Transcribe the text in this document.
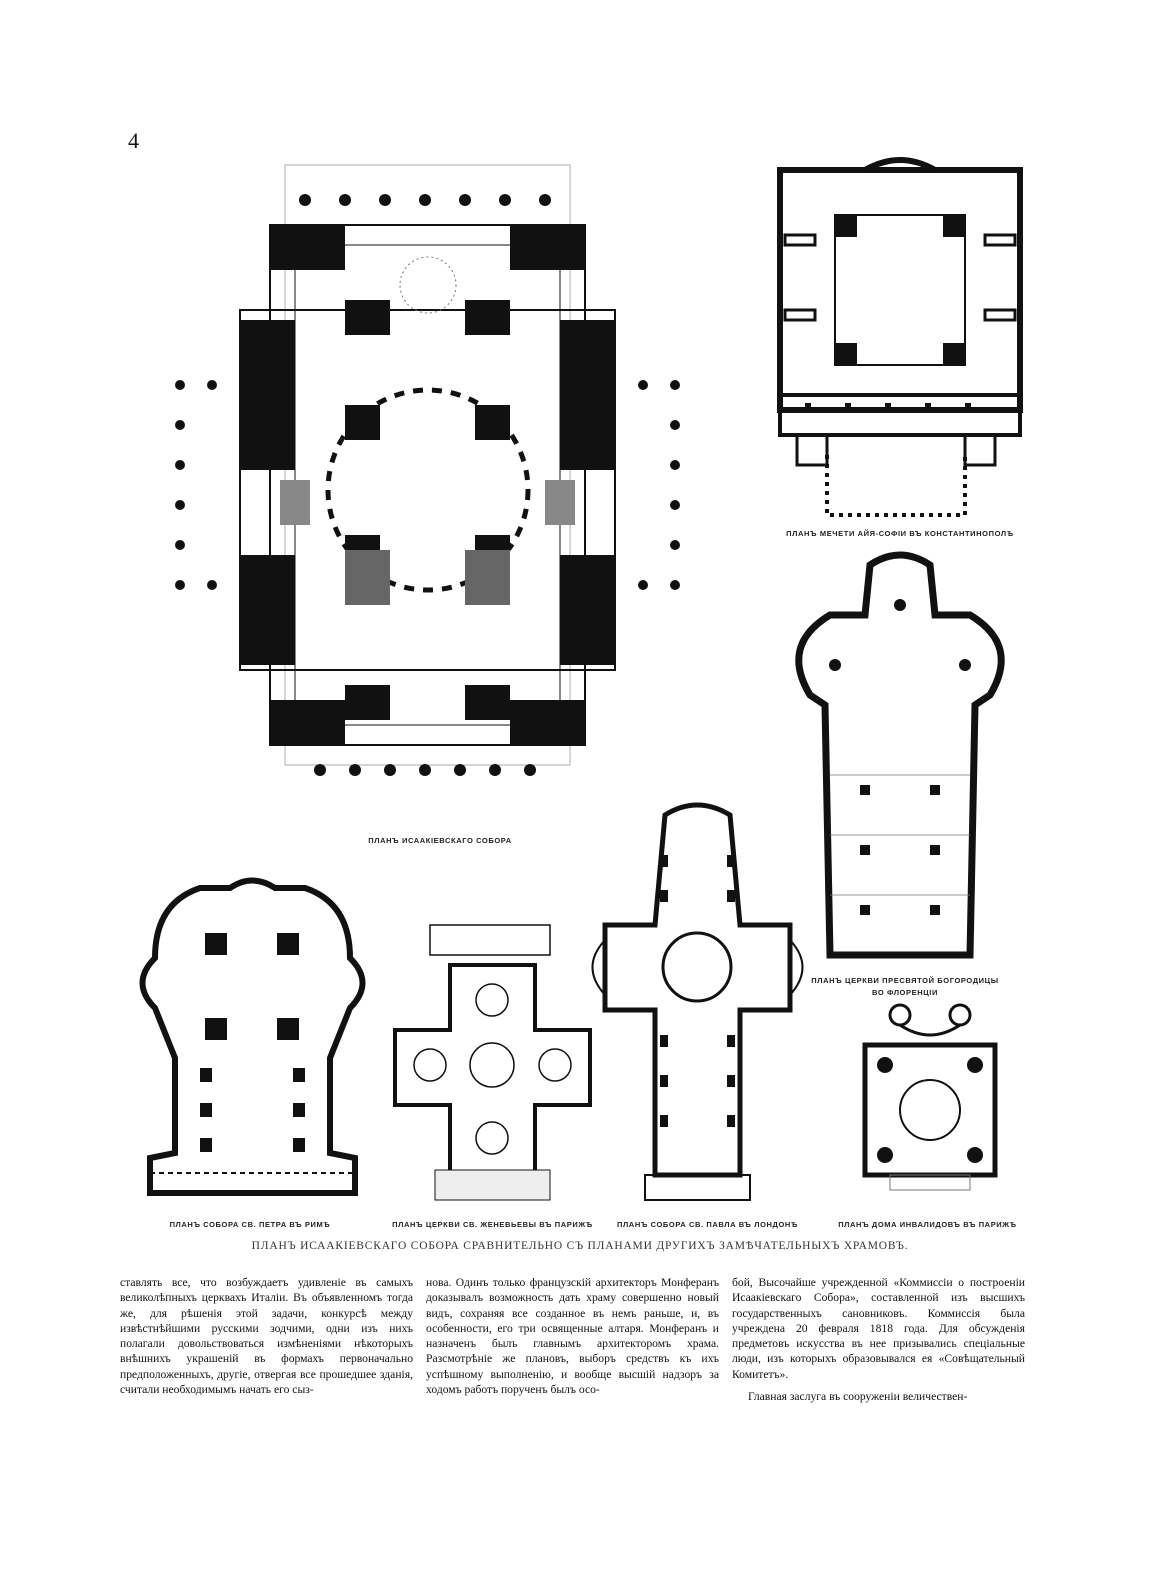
4
ПЛАНЪ ИСААКІЕВСКАГО СОБОРА
ПЛАНЪ МЕЧЕТИ АЙЯ-СОФІИ ВЪ КОНСТАНТИНОПОЛѢ
ПЛАНЪ ЦЕРКВИ ПРЕСВЯТОЙ БОГОРОДИЦЫ
ВО ФЛОРЕНЦІИ
ПЛАНЪ СОБОРА СВ. ПЕТРА ВЪ РИМѢ	ПЛАНЪ ЦЕРКВИ СВ. ЖЕНЕВЬЕВЫ ВЪ ПАРИЖѢ	ПЛАНЪ СОБОРА СВ. ПАВЛА ВЪ ЛОНДОНѢ	ПЛАНЪ ДОМА ИНВАЛИДОВЪ ВЪ ПАРИЖѢ
ПЛАНЪ ИСААКІЕВСКАГО СОБОРА СРАВНИТЕЛЬНО СЪ ПЛАНАМИ ДРУГИХЪ ЗАМѢЧАТЕЛЬНЫХЪ ХРАМОВЪ.

ставлять все, что возбуждаетъ удивленіе въ самыхъ великолѣпныхъ церквахъ Италіи. Въ объявленномъ тогда же, для рѣшенія этой задачи, конкурсѣ между извѣстнѣйшими русскими зодчими, одни изъ нихъ полагали довольствоваться измѣненіями нѣкоторыхъ внѣшнихъ украшеній въ формахъ первоначально предположенныхъ, другіе, отвергая все прошедшее зданія, считали необходимымъ начать его сыз-

нова. Одинъ только французскій архитекторъ Монферанъ доказывалъ возможность дать храму совершенно новый видъ, сохраняя все созданное въ немъ раньше, и, въ особенности, его три освященные алтаря. Монферанъ и назначенъ былъ главнымъ архитекторомъ храма. Разсмотрѣніе же плановъ, выборъ средствъ къ ихъ успѣшному выполненію, и вообще высшій надзоръ за ходомъ работъ порученъ былъ осо-

бой, Высочайше учрежденной «Коммиссіи о построеніи Исаакіевскаго Собора», составленной изъ высшихъ государственныхъ сановниковъ. Коммиссія была учреждена 20 февраля 1818 года. Для обсужденія предметовъ искусства въ нее призывались спеціальные люди, изъ которыхъ образовывался ея «Совѣщательный Комитетъ».

Главная заслуга въ сооруженіи величествен-
